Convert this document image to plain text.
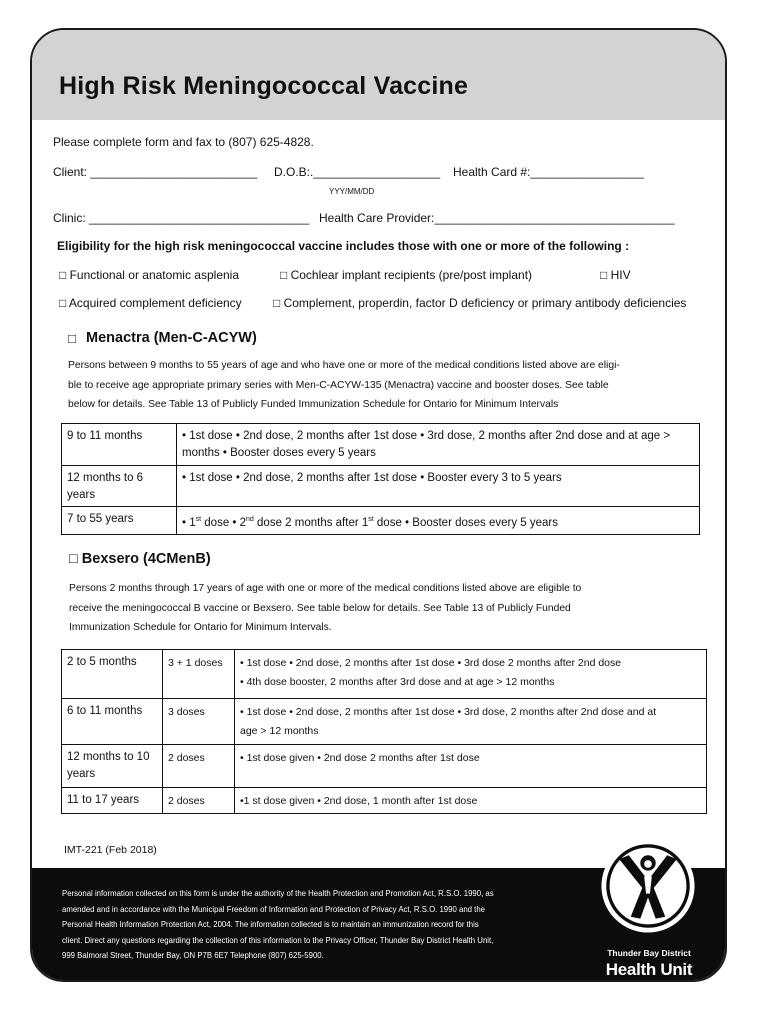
High Risk Meningococcal Vaccine
Please complete form and fax to (807) 625-4828.
Client: _________________________ D.O.B:.___________________ Health Card #:_________________
YYY/MM/DD
Clinic: _________________________________ Health Care Provider:____________________________________
Eligibility for the high risk meningococcal vaccine includes those with one or more of the following :
□ Functional or anatomic asplenia	□ Cochlear implant recipients (pre/post implant)	□ HIV
□ Acquired complement deficiency	□ Complement, properdin, factor D deficiency or primary antibody deficiencies
□ Menactra (Men-C-ACYW)
Persons between 9 months to 55 years of age and who have one or more of the medical conditions listed above are eligi-
ble to receive age appropriate primary series with Men-C-ACYW-135 (Menactra) vaccine and booster doses. See table
below for details. See Table 13 of Publicly Funded Immunization Schedule for Ontario for Minimum Intervals
9 to 11 months	• 1st dose • 2nd dose, 2 months after 1st dose • 3rd dose, 2 months after 2nd dose and at age > months • Booster doses every 5 years
12 months to 6 years	• 1st dose • 2nd dose, 2 months after 1st dose • Booster every 3 to 5 years
7 to 55 years	• 1st dose • 2nd dose 2 months after 1st dose • Booster doses every 5 years
□ Bexsero (4CMenB)
Persons 2 months through 17 years of age with one or more of the medical conditions listed above are eligible to
receive the meningococcal B vaccine or Bexsero. See table below for details. See Table 13 of Publicly Funded
Immunization Schedule for Ontario for Minimum Intervals.
2 to 5 months	3 + 1 doses	• 1st dose • 2nd dose, 2 months after 1st dose • 3rd dose 2 months after 2nd dose
• 4th dose booster, 2 months after 3rd dose and at age > 12 months

6 to 11 months	3 doses	• 1st dose • 2nd dose, 2 months after 1st dose • 3rd dose, 2 months after 2nd dose and at
age > 12 months

12 months to 10 years	2 doses	• 1st dose given • 2nd dose 2 months after 1st dose

11 to 17 years	2 doses	•1 st dose given • 2nd dose, 1 month after 1st dose
IMT-221 (Feb 2018)
Personal information collected on this form is under the authority of the Health Protection and Promotion Act, R.S.O. 1990, as
amended and in accordance with the Municipal Freedom of Information and Protection of Privacy Act, R.S.O. 1990 and the
Personal Health Information Protection Act, 2004. The information collected is to maintain an immunization record for this
client. Direct any questions regarding the collection of this information to the Privacy Officer, Thunder Bay District Health Unit,
999 Balmoral Street, Thunder Bay, ON P7B 6E7 Telephone (807) 625-5900.	Thunder Bay District
Health Unit
